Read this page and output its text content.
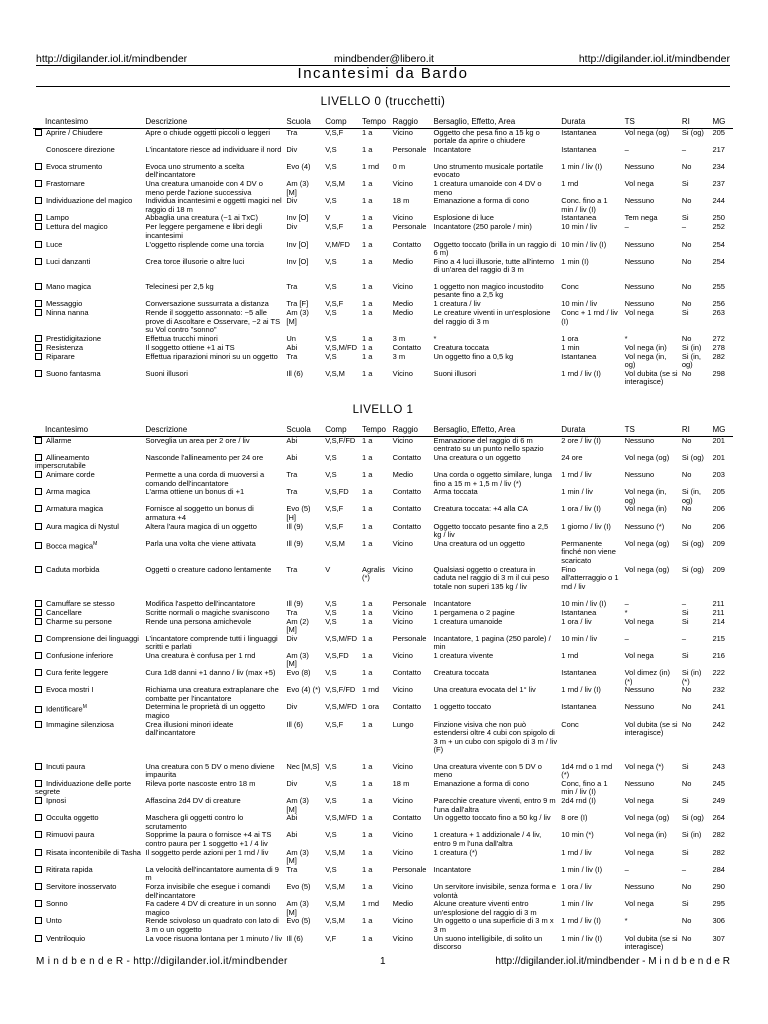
http://digilander.iol.it/mindbender	mindbender@libero.it	http://digilander.iol.it/mindbender
Incantesimi da Bardo
LIVELLO 0 (trucchetti)
Incantesimo	Descrizione	Scuola	Comp	Tempo	Raggio	Bersaglio, Effetto, Area	Durata	TS	RI	MG
Aprire / Chiudere	Apre o chiude oggetti piccoli o leggeri	Tra	V,S,F	1 a	Vicino	Oggetto che pesa fino a 15 kg o portale da aprire o chiudere	Istantanea	Vol nega (og)	Si (og)	205
Conoscere direzione	L'incantatore riesce ad individuare il nord	Div	V,S	1 a	Personale	Incantatore	Istantanea	–	–	217
Evoca strumento	Evoca uno strumento a scelta dell'incantatore	Evo (4)	V,S	1 rnd	0 m	Uno strumento musicale portatile evocato	1 min / liv (I)	Nessuno	No	234
Frastornare	Una creatura umanoide con 4 DV o meno perde l'azione successiva	Am (3) [M]	V,S,M	1 a	Vicino	1 creatura umanoide con 4 DV o meno	1 rnd	Vol nega	Si	237
Individuazione del magico	Individua incantesimi e oggetti magici nel raggio di 18 m	Div	V,S	1 a	18 m	Emanazione a forma di cono	Conc. fino a 1 min / liv (I)	Nessuno	No	244
Lampo	Abbaglia una creatura (−1 ai TxC)	Inv [O]	V	1 a	Vicino	Esplosione di luce	Istantanea	Tem nega	Si	250
Lettura del magico	Per leggere pergamene e libri degli incantesimi	Div	V,S,F	1 a	Personale	Incantatore (250 parole / min)	10 min / liv	–	–	252
Luce	L'oggetto risplende come una torcia	Inv [O]	V,M/FD	1 a	Contatto	Oggetto toccato (brilla in un raggio di 6 m)	10 min / liv (I)	Nessuno	No	254
Luci danzanti	Crea torce illusorie o altre luci	Inv [O]	V,S	1 a	Medio	Fino a 4 luci illusorie, tutte all'interno di un'area del raggio di 3 m	1 min (I)	Nessuno	No	254
Mano magica	Telecinesi per 2,5 kg	Tra	V,S	1 a	Vicino	1 oggetto non magico incustodito pesante fino a 2,5 kg	Conc	Nessuno	No	255
Messaggio	Conversazione sussurrata a distanza	Tra [F]	V,S,F	1 a	Medio	1 creatura / liv	10 min / liv	Nessuno	No	256
Ninna nanna	Rende il soggetto assonnato: −5 alle prove di Ascoltare e Osservare, −2 ai TS su Vol contro "sonno"	Am (3) [M]	V,S	1 a	Medio	Le creature viventi in un'esplosione del raggio di 3 m	Conc + 1 rnd / liv (I)	Vol nega	Si	263
Prestidigitazione	Effettua trucchi minori	Un	V,S	1 a	3 m	*	1 ora	*	No	272
Resistenza	Il soggetto ottiene +1 ai TS	Abi	V,S,M/FD	1 a	Contatto	Creatura toccata	1 min	Vol nega (in)	Si (in)	278
Riparare	Effettua riparazioni minori su un oggetto	Tra	V,S	1 a	3 m	Un oggetto fino a 0,5 kg	Istantanea	Vol nega (in, og)	Si (in, og)	282
Suono fantasma	Suoni illusori	Ill (6)	V,S,M	1 a	Vicino	Suoni illusori	1 rnd / liv (I)	Vol dubita (se si interagisce)	No	298
LIVELLO 1
Incantesimo	Descrizione	Scuola	Comp	Tempo	Raggio	Bersaglio, Effetto, Area	Durata	TS	RI	MG
Allarme	Sorveglia un area per 2 ore / liv	Abi	V,S,F/FD	1 a	Vicino	Emanazione del raggio di 6 m centrato su un punto nello spazio	2 ore / liv (I)	Nessuno	No	201
Allineamento imperscrutabile	Nasconde l'allineamento per 24 ore	Abi	V,S	1 a	Contatto	Una creatura o un oggetto	24 ore	Vol nega (og)	Si (og)	201
Animare corde	Permette a una corda di muoversi a comando dell'incantatore	Tra	V,S	1 a	Medio	Una corda o oggetto similare, lunga fino a 15 m + 1,5 m / liv (*)	1 rnd / liv	Nessuno	No	203
Arma magica	L'arma ottiene un bonus di +1	Tra	V,S,FD	1 a	Contatto	Arma toccata	1 min / liv	Vol nega (in, og)	Si (in, og)	205
Armatura magica	Fornisce al soggetto un bonus di armatura +4	Evo (5) [H]	V,S,F	1 a	Contatto	Creatura toccata: +4 alla CA	1 ora / liv (I)	Vol nega (in)	No	206
Aura magica di Nystul	Altera l'aura magica di un oggetto	Ill (9)	V,S,F	1 a	Contatto	Oggetto toccato pesante fino a 2,5 kg / liv	1 giorno / liv (I)	Nessuno (*)	No	206
Bocca magica$^M$	Parla una volta che viene attivata	Ill (9)	V,S,M	1 a	Vicino	Una creatura od un oggetto	Permanente finché non viene scaricato	Vol nega (og)	Si (og)	209
Caduta morbida	Oggetti o creature cadono lentamente	Tra	V	Agralis (*)	Vicino	Qualsiasi oggetto o creatura in caduta nel raggio di 3 m il cui peso totale non superi 135 kg / liv	Fino all'atterraggio o 1 rnd / liv	Vol nega (og)	Si (og)	209
Camuffare se stesso	Modifica l'aspetto dell'incantatore	Ill (9)	V,S	1 a	Personale	Incantatore	10 min / liv (I)	–	–	211
Cancellare	Scritte normali o magiche svaniscono	Tra	V,S	1 a	Vicino	1 pergamena o 2 pagine	Istantanea	*	Si	211
Charme su persone	Rende una persona amichevole	Am (2) [M]	V,S	1 a	Vicino	1 creatura umanoide	1 ora / liv	Vol nega	Si	214
Comprensione dei linguaggi	L'incantatore comprende tutti i linguaggi scritti e parlati	Div	V,S,M/FD	1 a	Personale	Incantatore, 1 pagina (250 parole) / min	10 min / liv	–	–	215
Confusione inferiore	Una creatura è confusa per 1 rnd	Am (3) [M]	V,S,FD	1 a	Vicino	1 creatura vivente	1 rnd	Vol nega	Si	216
Cura ferite leggere	Cura 1d8 danni +1 danno / liv (max +5)	Evo (8)	V,S	1 a	Contatto	Creatura toccata	Istantanea	Vol dimez (in) (*)	Si (in) (*)	222
Evoca mostri I	Richiama una creatura extraplanare che combatte per l'incantatore	Evo (4) (*)	V,S,F/FD	1 rnd	Vicino	Una creatura evocata del 1° liv	1 rnd / liv (I)	Nessuno	No	232
Identificare$^M$	Determina le proprietà di un oggetto magico	Div	V,S,M/FD	1 ora	Contatto	1 oggetto toccato	Istantanea	Nessuno	No	241
Immagine silenziosa	Crea illusioni minori ideate dall'incantatore	Ill (6)	V,S,F	1 a	Lungo	Finzione visiva che non può estendersi oltre 4 cubi con spigolo di 3 m + un cubo con spigolo di 3 m / liv (F)	Conc	Vol dubita (se si interagisce)	No	242
Incuti paura	Una creatura con 5 DV o meno diviene impaurita	Nec [M,S]	V,S	1 a	Vicino	Una creatura vivente con 5 DV o meno	1d4 rnd o 1 rnd (*)	Vol nega (*)	Si	243
Individuazione delle porte segrete	Rileva porte nascoste entro 18 m	Div	V,S	1 a	18 m	Emanazione a forma di cono	Conc, fino a 1 min / liv (I)	Nessuno	No	245
Ipnosi	Affascina 2d4 DV di creature	Am (3) [M]	V,S	1 a	Vicino	Parecchie creature viventi, entro 9 m l'una dall'altra	2d4 rnd (I)	Vol nega	Si	249
Occulta oggetto	Maschera gli oggetti contro lo scrutamento	Abi	V,S,M/FD	1 a	Contatto	Un oggetto toccato fino a 50 kg / liv	8 ore (I)	Vol nega (og)	Si (og)	264
Rimuovi paura	Sopprime la paura o fornisce +4 ai TS contro paura per 1 soggetto +1 / 4 liv	Abi	V,S	1 a	Vicino	1 creatura + 1 addizionale / 4 liv, entro 9 m l'una dall'altra	10 min (*)	Vol nega (in)	Si (in)	282
Risata incontenibile di Tasha	Il soggetto perde azioni per 1 rnd / liv	Am (3) [M]	V,S,M	1 a	Vicino	1 creatura (*)	1 rnd / liv	Vol nega	Si	282
Ritirata rapida	La velocità dell'incantatore aumenta di 9 m	Tra	V,S	1 a	Personale	Incantatore	1 min / liv (I)	–	–	284
Servitore inosservato	Forza invisibile che esegue i comandi dell'incantatore	Evo (5)	V,S,M	1 a	Vicino	Un servitore invisibile, senza forma e volontà	1 ora / liv	Nessuno	No	290
Sonno	Fa cadere 4 DV di creature in un sonno magico	Am (3) [M]	V,S,M	1 rnd	Medio	Alcune creature viventi entro un'esplosione del raggio di 3 m	1 min / liv	Vol nega	Si	295
Unto	Rende scivoloso un quadrato con lato di 3 m o un oggetto	Evo (5)	V,S,M	1 a	Vicino	Un oggetto o una superficie di 3 m x 3 m	1 rnd / liv (I)	*	No	306
Ventriloquio	La voce risuona lontana per 1 minuto / liv	Ill (6)	V,F	1 a	Vicino	Un suono intelligibile, di solito un discorso	1 min / liv (I)	Vol dubita (se si interagisce)	No	307
M i n d b e n d e R - http://digilander.iol.it/mindbender	1	http://digilander.iol.it/mindbender - M i n d b e n d e R
